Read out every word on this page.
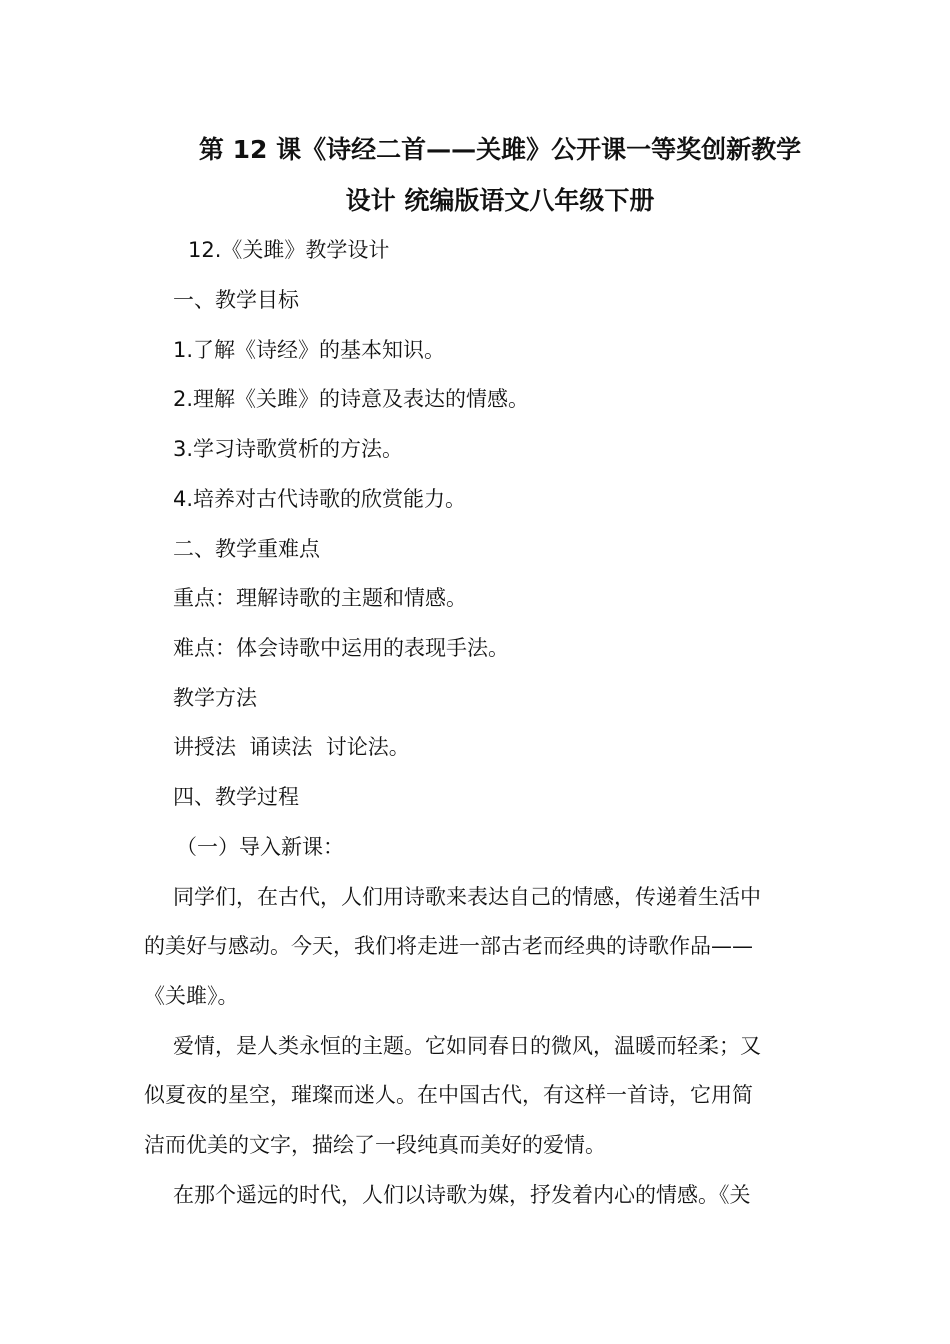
第 12 课《诗经二首——关雎》公开课一等奖创新教学
设计 统编版语文八年级下册
12.《关雎》教学设计
一、教学目标
1.了解《诗经》的基本知识。
2.理解《关雎》的诗意及表达的情感。
3.学习诗歌赏析的方法。
4.培养对古代诗歌的欣赏能力。
二、教学重难点
重点：理解诗歌的主题和情感。
难点：体会诗歌中运用的表现手法。
教学方法
讲授法  诵读法  讨论法。
四、教学过程
（一）导入新课：
同学们，在古代，人们用诗歌来表达自己的情感，传递着生活中
的美好与感动。今天，我们将走进一部古老而经典的诗歌作品——
《关雎》。
爱情，是人类永恒的主题。它如同春日的微风，温暖而轻柔；又
似夏夜的星空，璀璨而迷人。在中国古代，有这样一首诗，它用简
洁而优美的文字，描绘了一段纯真而美好的爱情。
在那个遥远的时代，人们以诗歌为媒，抒发着内心的情感。《关
